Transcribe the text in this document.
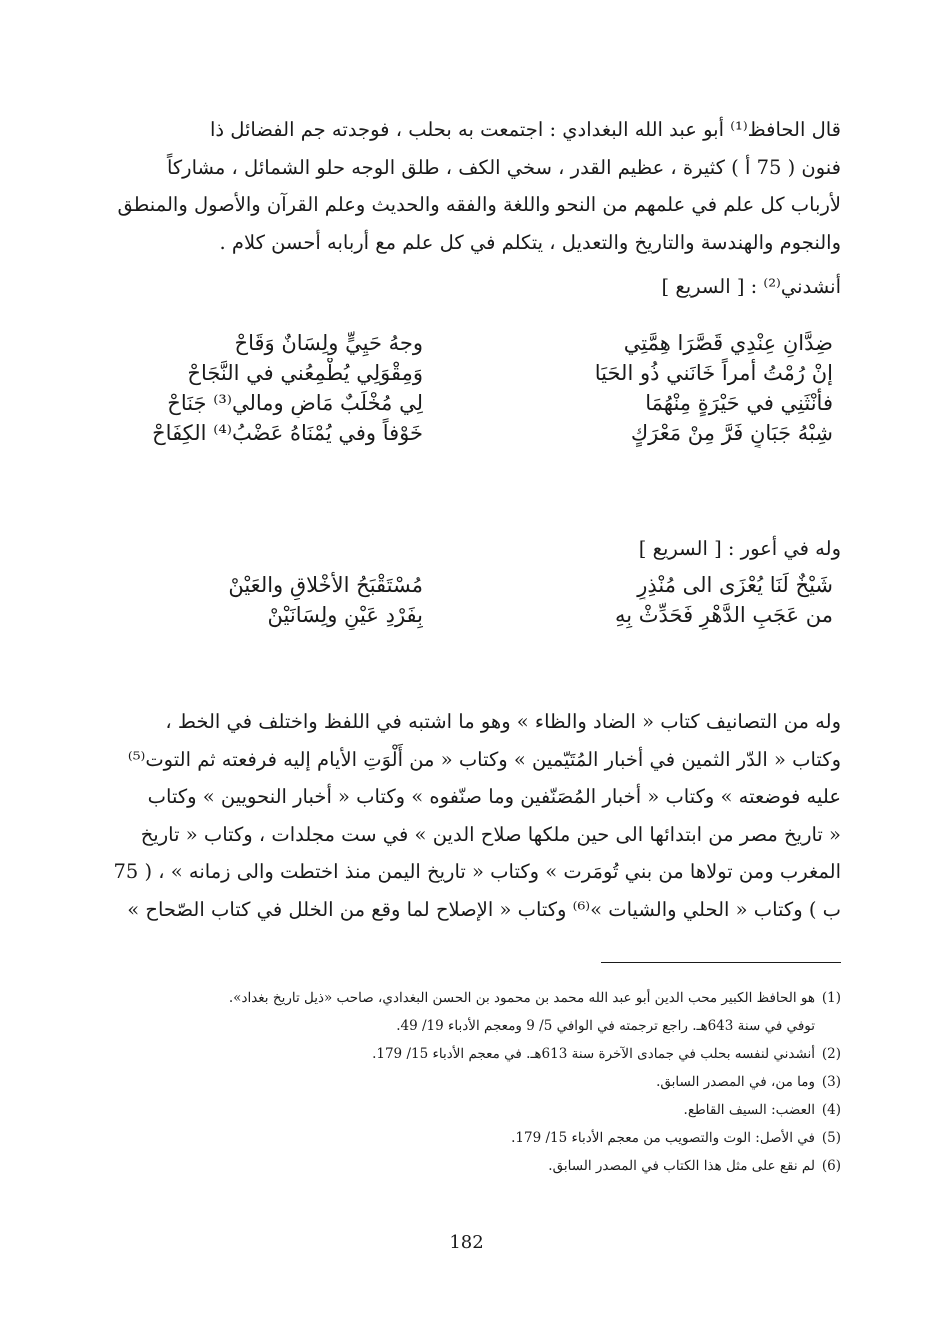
قال الحافظ⁽¹⁾ أبو عبد الله البغدادي : اجتمعت به بحلب ، فوجدته جم الفضائل ذا
فنون ( 75 أ ) كثيرة ، عظيم القدر ، سخي الكف ، طلق الوجه حلو الشمائل ، مشاركاً
لأرباب كل علم في علمهم من النحو واللغة والفقه والحديث وعلم القرآن والأصول والمنطق
والنجوم والهندسة والتاريخ والتعديل ، يتكلم في كل علم مع أربابه أحسن كلام .
أنشدني⁽²⁾ : [ السريع ]
ضِدَّانِ عِنْدِي قَصَّرَا هِمَّتِي
وجهُ حَيِيٍّ ولِسَانٌ وَقَاحْ
إنْ رُمْتُ أمراً خَانَني ذُو الحَيَا
وَمِقْوَلِي يُطْمِعُني في النَّجَاحْ
فأنْثَنِي في حَيْرَةٍ مِنْهُمَا
لِي مُخْلَبٌ مَاضٍ ومالي⁽³⁾ جَنَاحْ
شِبْهُ جَبَانٍ فَرَّ مِنْ مَعْرَكٍ
خَوْفاً وفي يُمْنَاهُ عَضْبُ⁽⁴⁾ الكِفَاحْ
وله في أعور : [ السريع ]
شَيْخٌ لَنَا يُعْزَى الى مُنْذِرٍ
مُسْتَقْبَحُ الأخْلاقِ والعَيْنْ
من عَجَبِ الدَّهْرِ فَحَدِّثْ بِهِ
بِفَرْدِ عَيْنٍ ولِسَانَيْنْ
وله من التصانيف كتاب « الضاد والظاء » وهو ما اشتبه في اللفظ واختلف في الخط ،
وكتاب « الدّر الثمين في أخبار المُتَيّمين » وكتاب « من أَلْوَتِ الأيام إليه فرفعته ثم التوت⁽⁵⁾
عليه فوضعته » وكتاب « أخبار المُصَنّفين وما صنّفوه » وكتاب « أخبار النحويين » وكتاب
« تاريخ مصر من ابتدائها الى حين ملكها صلاح الدين » في ست مجلدات ، وكتاب « تاريخ
المغرب ومن تولاها من بني تُومَرت » وكتاب « تاريخ اليمن منذ اختطت والى زمانه » ، ( 75
ب ) وكتاب « الحلي والشيات »⁽⁶⁾ وكتاب « الإصلاح لما وقع من الخلل في كتاب الصّحاح »
(1)
هو الحافظ الكبير محب الدين أبو عبد الله محمد بن محمود بن الحسن البغدادي، صاحب «ذيل تاريخ بغداد».
توفي في سنة 643هـ. راجع ترجمته في الوافي 5/ 9 ومعجم الأدباء 19/ 49.
(2)
أنشدني لنفسه بحلب في جمادى الآخرة سنة 613هـ. في معجم الأدباء 15/ 179.
(3)
وما من، في المصدر السابق.
(4)
العضب: السيف القاطع.
(5)
في الأصل: الوت والتصويب من معجم الأدباء 15/ 179.
(6)
لم نقع على مثل هذا الكتاب في المصدر السابق.
182
